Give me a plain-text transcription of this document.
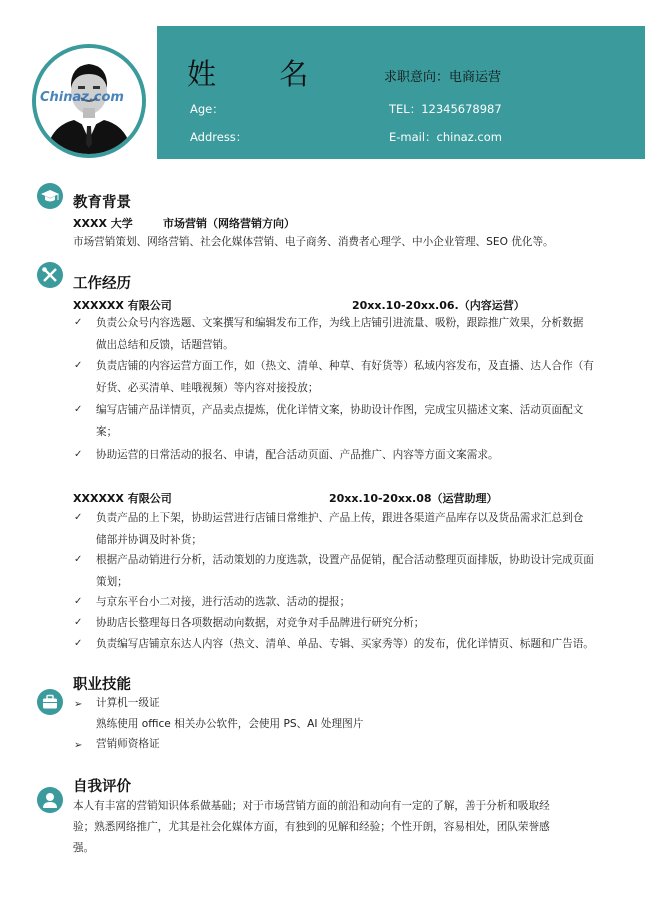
Chinaz.com
姓  名	求职意向：电商运营
Age：	TEL：12345678987
Address：	E-mail：chinaz.com
教育背景
XXXX 大学	市场营销（网络营销方向）
市场营销策划、网络营销、社会化媒体营销、电子商务、消费者心理学、中小企业管理、SEO 优化等。
工作经历
XXXXXX 有限公司	20xx.10-20xx.06.（内容运营）
✓ 负责公众号内容选题、文案撰写和编辑发布工作，为线上店铺引进流量、吸粉，跟踪推广效果，分析数据
做出总结和反馈，话题营销。
✓ 负责店铺的内容运营方面工作，如（热文、清单、种草、有好货等）私域内容发布，及直播、达人合作（有
好货、必买清单、哇哦视频）等内容对接投放；
✓ 编写店铺产品详情页，产品卖点提炼，优化详情文案，协助设计作图，完成宝贝描述文案、活动页面配文
案；
✓ 协助运营的日常活动的报名、申请，配合活动页面、产品推广、内容等方面文案需求。
XXXXXX 有限公司	20xx.10-20xx.08（运营助理）
✓ 负责产品的上下架，协助运营进行店铺日常维护、产品上传，跟进各渠道产品库存以及货品需求汇总到仓
储部并协调及时补货；
✓ 根据产品动销进行分析，活动策划的力度选款，设置产品促销，配合活动整理页面排版，协助设计完成页面
策划；
✓ 与京东平台小二对接，进行活动的选款、活动的提报；
✓ 协助店长整理每日各项数据动向数据，对竞争对手品牌进行研究分析；
✓ 负责编写店铺京东达人内容（热文、清单、单品、专辑、买家秀等）的发布，优化详情页、标题和广告语。
职业技能
➢ 计算机一级证
熟练使用 office 相关办公软件，会使用 PS、AI 处理图片
➢ 营销师资格证
自我评价
本人有丰富的营销知识体系做基础；对于市场营销方面的前沿和动向有一定的了解，善于分析和吸取经
验；熟悉网络推广，尤其是社会化媒体方面，有独到的见解和经验；个性开朗，容易相处，团队荣誉感
强。
